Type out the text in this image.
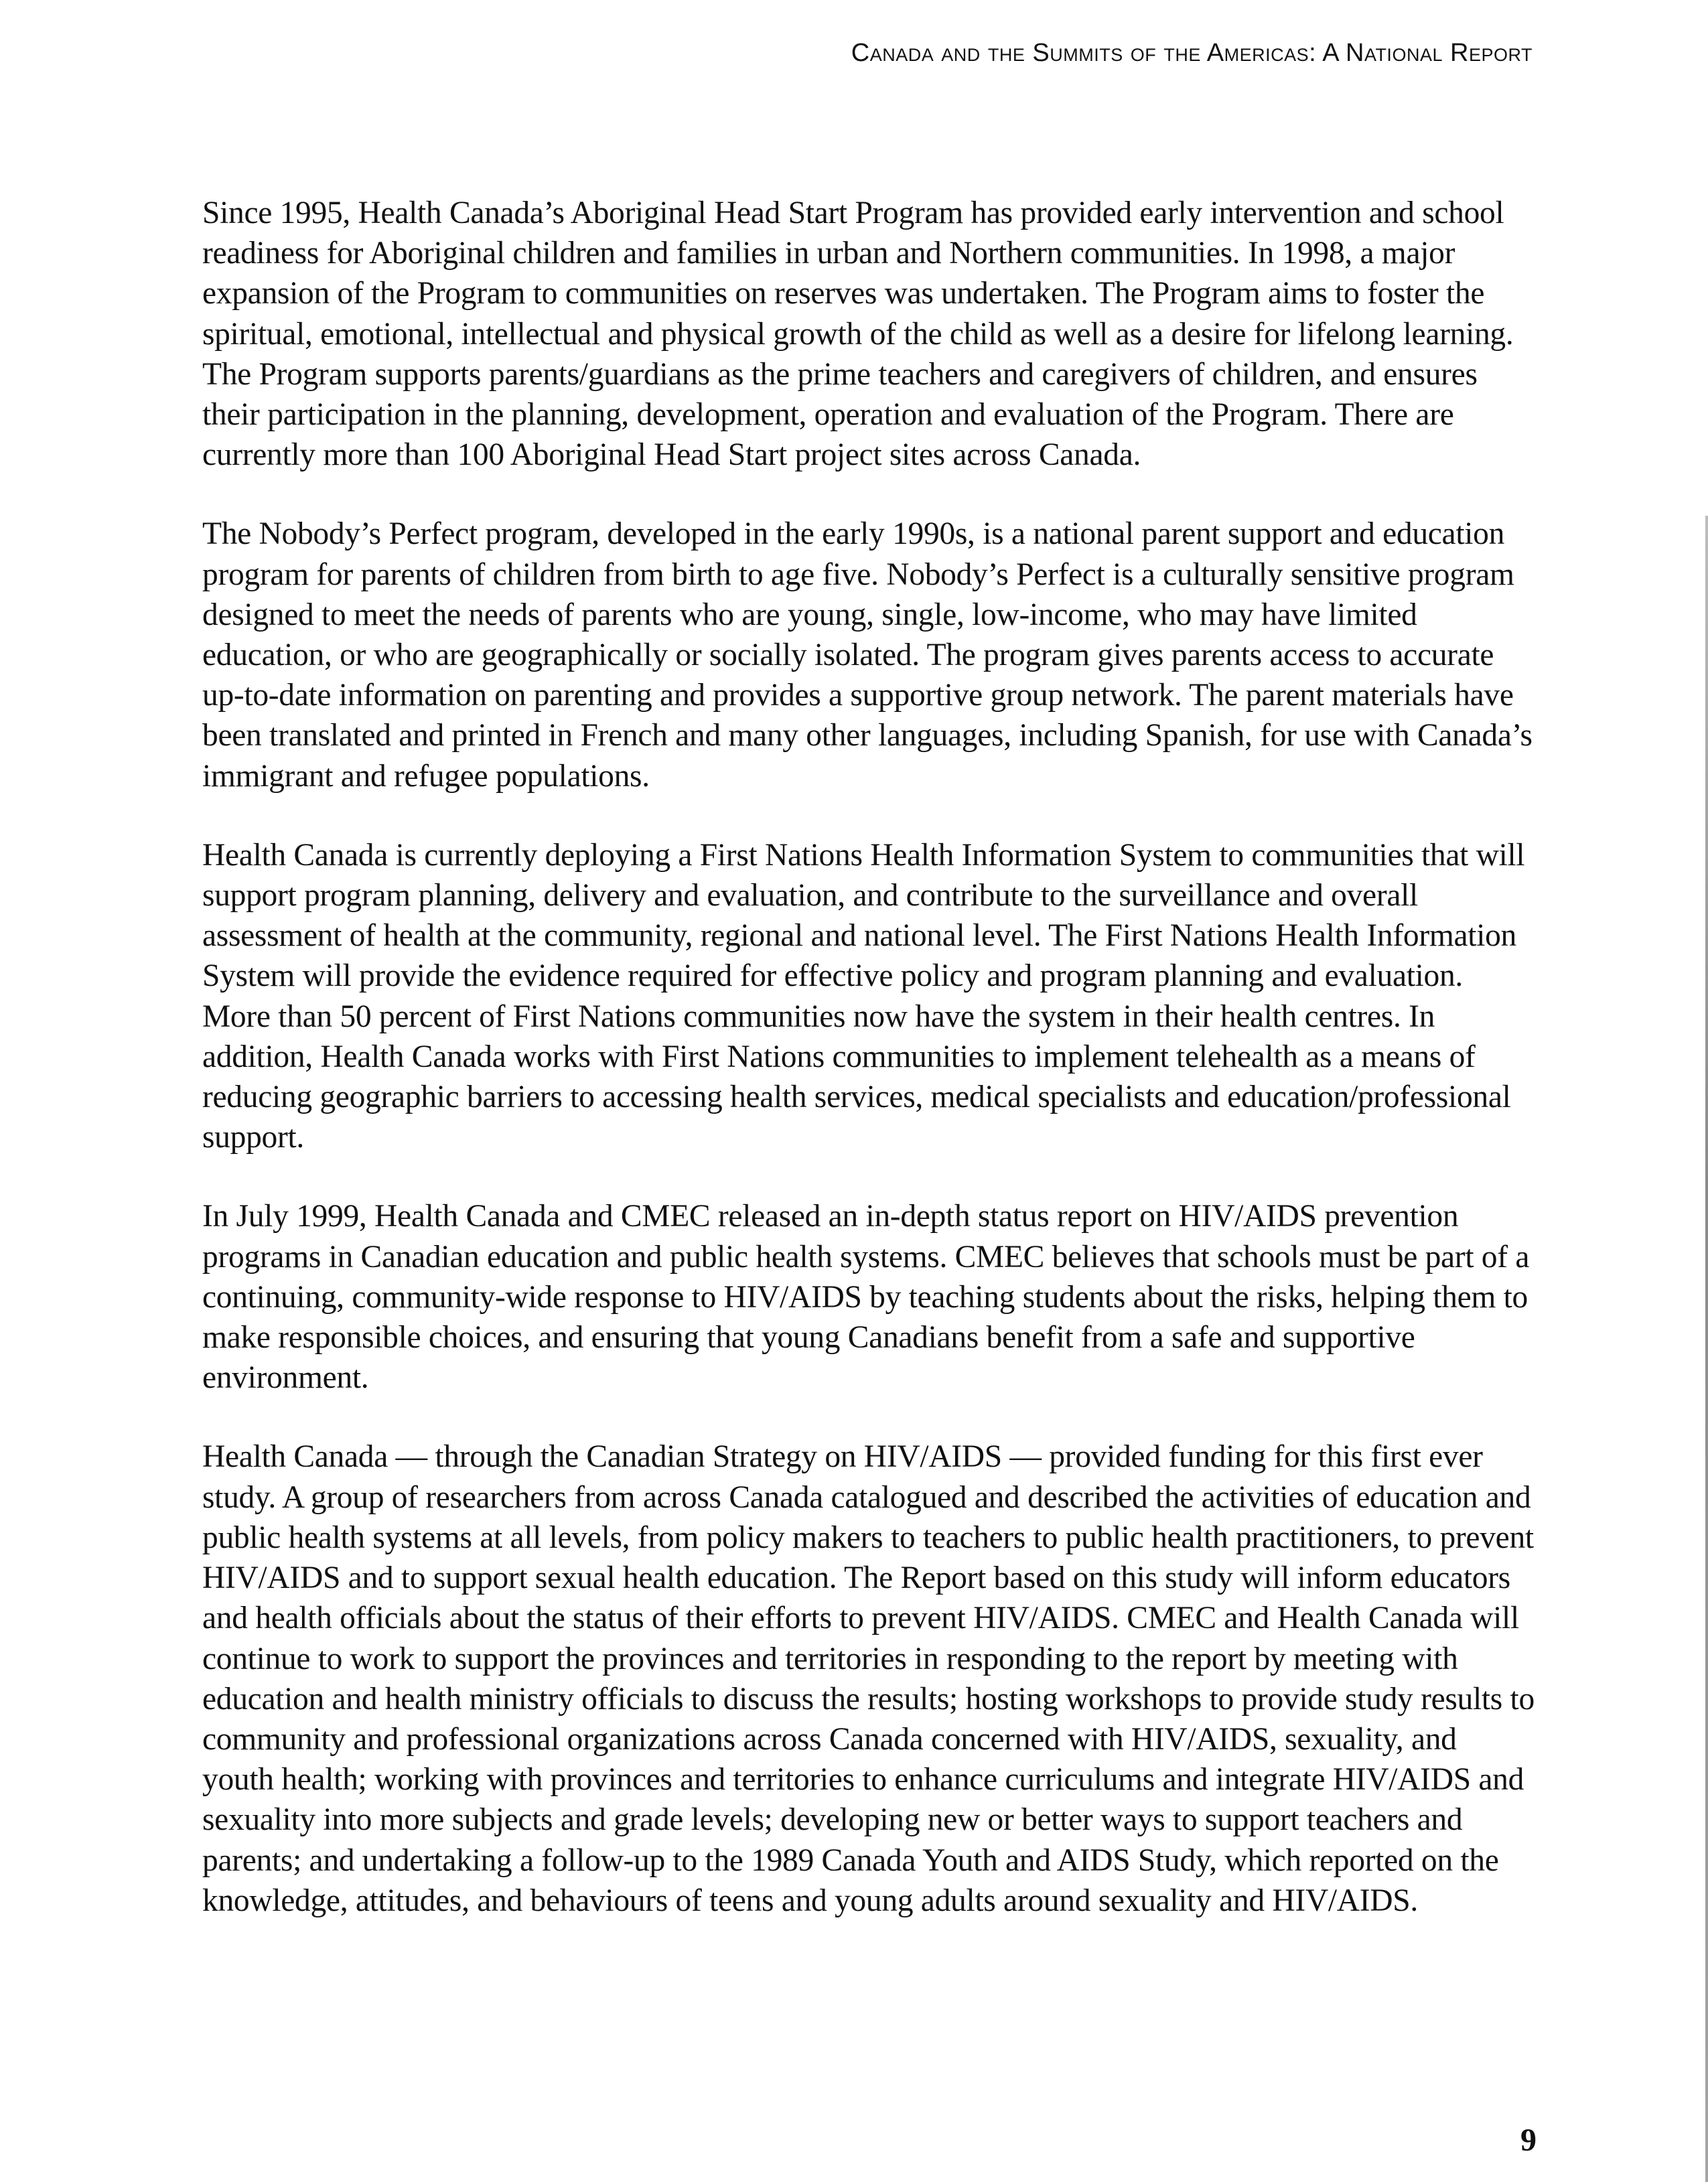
Canada and the Summits of the Americas: A National Report

Since 1995, Health Canada’s Aboriginal Head Start Program has provided early intervention and school readiness for Aboriginal children and families in urban and Northern communities. In 1998, a major expansion of the Program to communities on reserves was undertaken. The Program aims to foster the spiritual, emotional, intellectual and physical growth of the child as well as a desire for lifelong learning. The Program supports parents/guardians as the prime teachers and caregivers of children, and ensures their participation in the planning, development, operation and evaluation of the Program. There are currently more than 100 Aboriginal Head Start project sites across Canada.

The Nobody’s Perfect program, developed in the early 1990s, is a national parent support and education program for parents of children from birth to age five. Nobody’s Perfect is a culturally sensitive program designed to meet the needs of parents who are young, single, low-income, who may have limited education, or who are geographically or socially isolated. The program gives parents access to accurate up-to-date information on parenting and provides a supportive group network. The parent materials have been translated and printed in French and many other languages, including Spanish, for use with Canada’s immigrant and refugee populations.

Health Canada is currently deploying a First Nations Health Information System to communities that will support program planning, delivery and evaluation, and contribute to the surveillance and overall assessment of health at the community, regional and national level. The First Nations Health Information System will provide the evidence required for effective policy and program planning and evaluation. More than 50 percent of First Nations communities now have the system in their health centres. In addition, Health Canada works with First Nations communities to implement telehealth as a means of reducing geographic barriers to accessing health services, medical specialists and education/professional support.

In July 1999, Health Canada and CMEC released an in-depth status report on HIV/AIDS prevention programs in Canadian education and public health systems. CMEC believes that schools must be part of a continuing, community-wide response to HIV/AIDS by teaching students about the risks, helping them to make responsible choices, and ensuring that young Canadians benefit from a safe and supportive environment.

Health Canada — through the Canadian Strategy on HIV/AIDS — provided funding for this first ever study. A group of researchers from across Canada catalogued and described the activities of education and public health systems at all levels, from policy makers to teachers to public health practitioners, to prevent HIV/AIDS and to support sexual health education. The Report based on this study will inform educators and health officials about the status of their efforts to prevent HIV/AIDS. CMEC and Health Canada will continue to work to support the provinces and territories in responding to the report by meeting with education and health ministry officials to discuss the results; hosting workshops to provide study results to community and professional organizations across Canada concerned with HIV/AIDS, sexuality, and youth health; working with provinces and territories to enhance curriculums and integrate HIV/AIDS and sexuality into more subjects and grade levels; developing new or better ways to support teachers and parents; and undertaking a follow-up to the 1989 Canada Youth and AIDS Study, which reported on the knowledge, attitudes, and behaviours of teens and young adults around sexuality and HIV/AIDS.

9
